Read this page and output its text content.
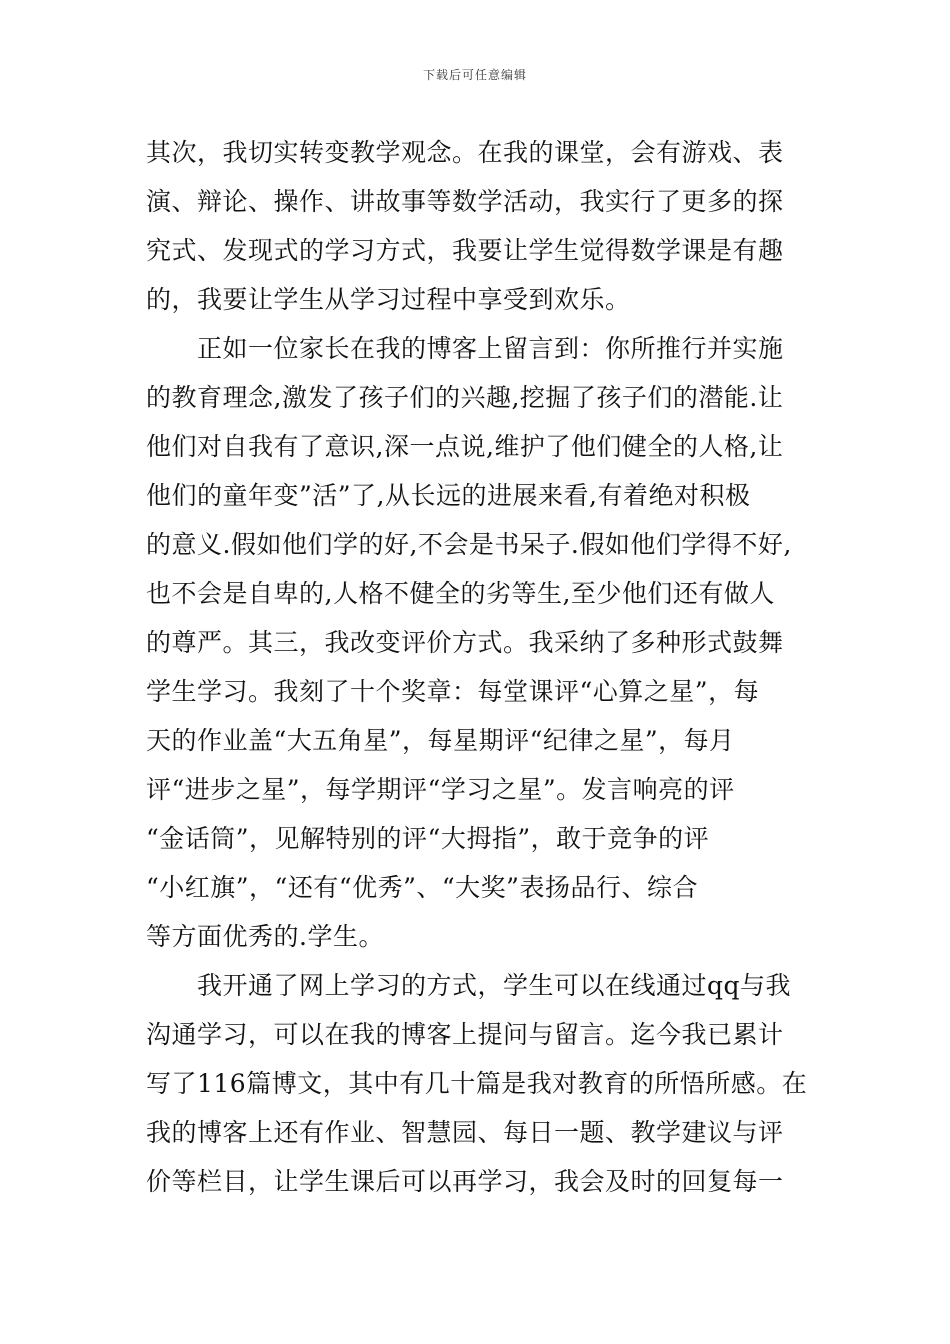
下载后可任意编辑
其次，我切实转变教学观念。在我的课堂，会有游戏、表
演、辩论、操作、讲故事等数学活动，我实行了更多的探
究式、发现式的学习方式，我要让学生觉得数学课是有趣
的，我要让学生从学习过程中享受到欢乐。
　　正如一位家长在我的博客上留言到：你所推行并实施
的教育理念,激发了孩子们的兴趣,挖掘了孩子们的潜能.让
他们对自我有了意识,深一点说,维护了他们健全的人格,让
他们的童年变”活”了,从长远的进展来看,有着绝对积极
的意义.假如他们学的好,不会是书呆子.假如他们学得不好,
也不会是自卑的,人格不健全的劣等生,至少他们还有做人
的尊严。其三，我改变评价方式。我采纳了多种形式鼓舞
学生学习。我刻了十个奖章：每堂课评“心算之星”，每
天的作业盖“大五角星”，每星期评“纪律之星”，每月
评“进步之星”，每学期评“学习之星”。发言响亮的评
“金话筒”，见解特别的评“大拇指”，敢于竞争的评
“小红旗”，“还有“优秀”、“大奖”表扬品行、综合
等方面优秀的.学生。
　　我开通了网上学习的方式，学生可以在线通过qq与我
沟通学习，可以在我的博客上提问与留言。迄今我已累计
写了116篇博文，其中有几十篇是我对教育的所悟所感。在
我的博客上还有作业、智慧园、每日一题、教学建议与评
价等栏目，让学生课后可以再学习，我会及时的回复每一
